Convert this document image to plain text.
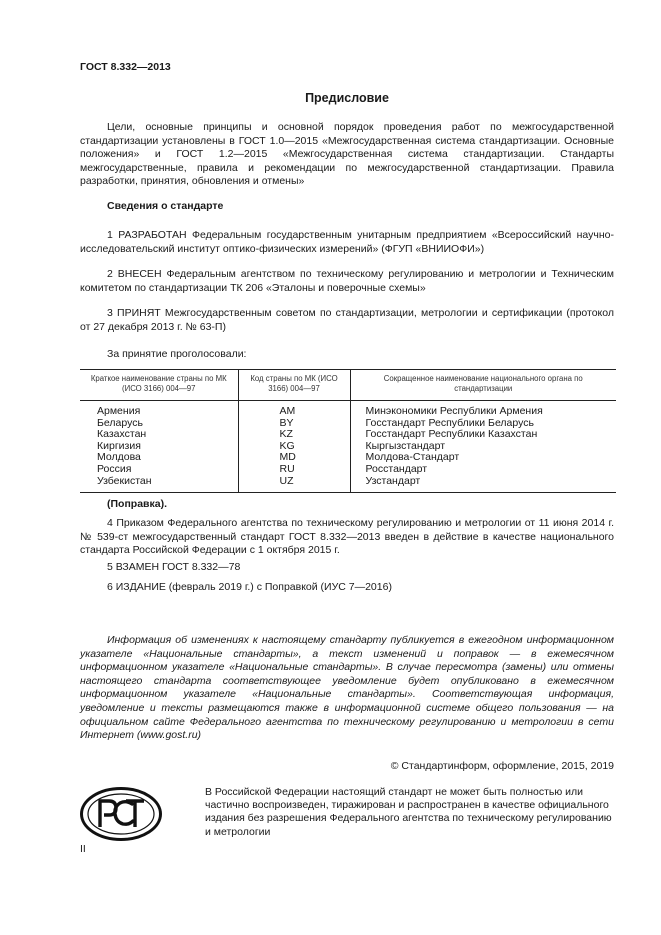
ГОСТ 8.332—2013
Предисловие

Цели, основные принципы и основной порядок проведения работ по межгосударственной стандартизации установлены в ГОСТ 1.0—2015 «Межгосударственная система стандартизации. Основные положения» и ГОСТ 1.2—2015 «Межгосударственная система стандартизации. Стандарты межгосударственные, правила и рекомендации по межгосударственной стандартизации. Правила разработки, принятия, обновления и отмены»

Сведения о стандарте

1 РАЗРАБОТАН Федеральным государственным унитарным предприятием «Всероссийский научно-исследовательский институт оптико-физических измерений» (ФГУП «ВНИИОФИ»)

2 ВНЕСЕН Федеральным агентством по техническому регулированию и метрологии и Техническим комитетом по стандартизации ТК 206 «Эталоны и поверочные схемы»

3 ПРИНЯТ Межгосударственным советом по стандартизации, метрологии и сертификации (протокол от 27 декабря 2013 г. № 63-П)

За принятие проголосовали:
Краткое наименование страны по МК (ИСО 3166) 004—97	Код страны по МК (ИСО 3166) 004—97	Сокращенное наименование национального органа по стандартизации
Армения	AM	Минэкономики Республики Армения
Беларусь	BY	Госстандарт Республики Беларусь
Казахстан	KZ	Госстандарт Республики Казахстан
Киргизия	KG	Кыргызстандарт
Молдова	MD	Молдова-Стандарт
Россия	RU	Росстандарт
Узбекистан	UZ	Узстандарт
(Поправка).

4 Приказом Федерального агентства по техническому регулированию и метрологии от 11 июня 2014 г. № 539-ст межгосударственный стандарт ГОСТ 8.332—2013 введен в действие в качестве национального стандарта Российской Федерации с 1 октября 2015 г.

5 ВЗАМЕН ГОСТ 8.332—78

6 ИЗДАНИЕ (февраль 2019 г.) с Поправкой (ИУС 7—2016)

Информация об изменениях к настоящему стандарту публикуется в ежегодном информационном указателе «Национальные стандарты», а текст изменений и поправок — в ежемесячном информационном указателе «Национальные стандарты». В случае пересмотра (замены) или отмены настоящего стандарта соответствующее уведомление будет опубликовано в ежемесячном информационном указателе «Национальные стандарты». Соответствующая информация, уведомление и тексты размещаются также в информационной системе общего пользования — на официальном сайте Федерального агентства по техническому регулированию и метрологии в сети Интернет (www.gost.ru)

© Стандартинформ, оформление, 2015, 2019

В Российской Федерации настоящий стандарт не может быть полностью или частично воспроизведен, тиражирован и распространен в качестве официального издания без разрешения Федерального агентства по техническому регулированию и метрологии

II
